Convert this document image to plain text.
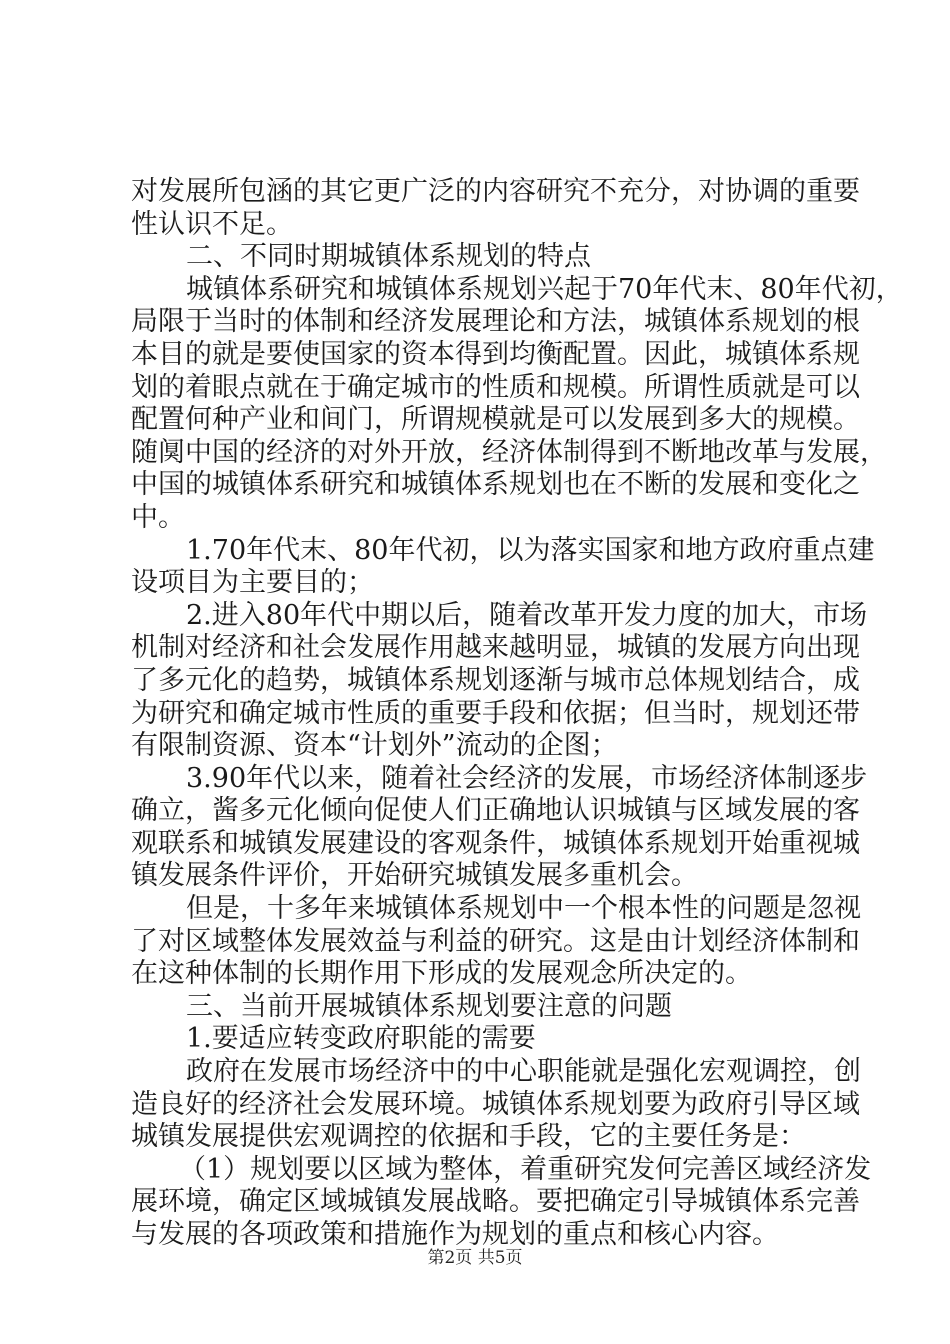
对发展所包涵的其它更广泛的内容研究不充分，对协调的重要
性认识不足。
二、不同时期城镇体系规划的特点
城镇体系研究和城镇体系规划兴起于70年代末、80年代初，
局限于当时的体制和经济发展理论和方法，城镇体系规划的根
本目的就是要使国家的资本得到均衡配置。因此，城镇体系规
划的着眼点就在于确定城市的性质和规模。所谓性质就是可以
配置何种产业和间门，所谓规模就是可以发展到多大的规模。
随阒中国的经济的对外开放，经济体制得到不断地改革与发展，
中国的城镇体系研究和城镇体系规划也在不断的发展和变化之
中。
1.70年代末、80年代初，以为落实国家和地方政府重点建
设项目为主要目的；
2.进入80年代中期以后，随着改革开发力度的加大，市场
机制对经济和社会发展作用越来越明显，城镇的发展方向出现
了多元化的趋势，城镇体系规划逐渐与城市总体规划结合，成
为研究和确定城市性质的重要手段和依据；但当时，规划还带
有限制资源、资本“计划外”流动的企图；
3.90年代以来，随着社会经济的发展，市场经济体制逐步
确立，酱多元化倾向促使人们正确地认识城镇与区域发展的客
观联系和城镇发展建设的客观条件，城镇体系规划开始重视城
镇发展条件评价，开始研究城镇发展多重机会。
但是，十多年来城镇体系规划中一个根本性的问题是忽视
了对区域整体发展效益与利益的研究。这是由计划经济体制和
在这种体制的长期作用下形成的发展观念所决定的。
三、当前开展城镇体系规划要注意的问题
1.要适应转变政府职能的需要
政府在发展市场经济中的中心职能就是强化宏观调控，创
造良好的经济社会发展环境。城镇体系规划要为政府引导区域
城镇发展提供宏观调控的依据和手段，它的主要任务是：
（1）规划要以区域为整体，着重研究发何完善区域经济发
展环境，确定区域城镇发展战略。要把确定引导城镇体系完善
与发展的各项政策和措施作为规划的重点和核心内容。
第2页 共5页
